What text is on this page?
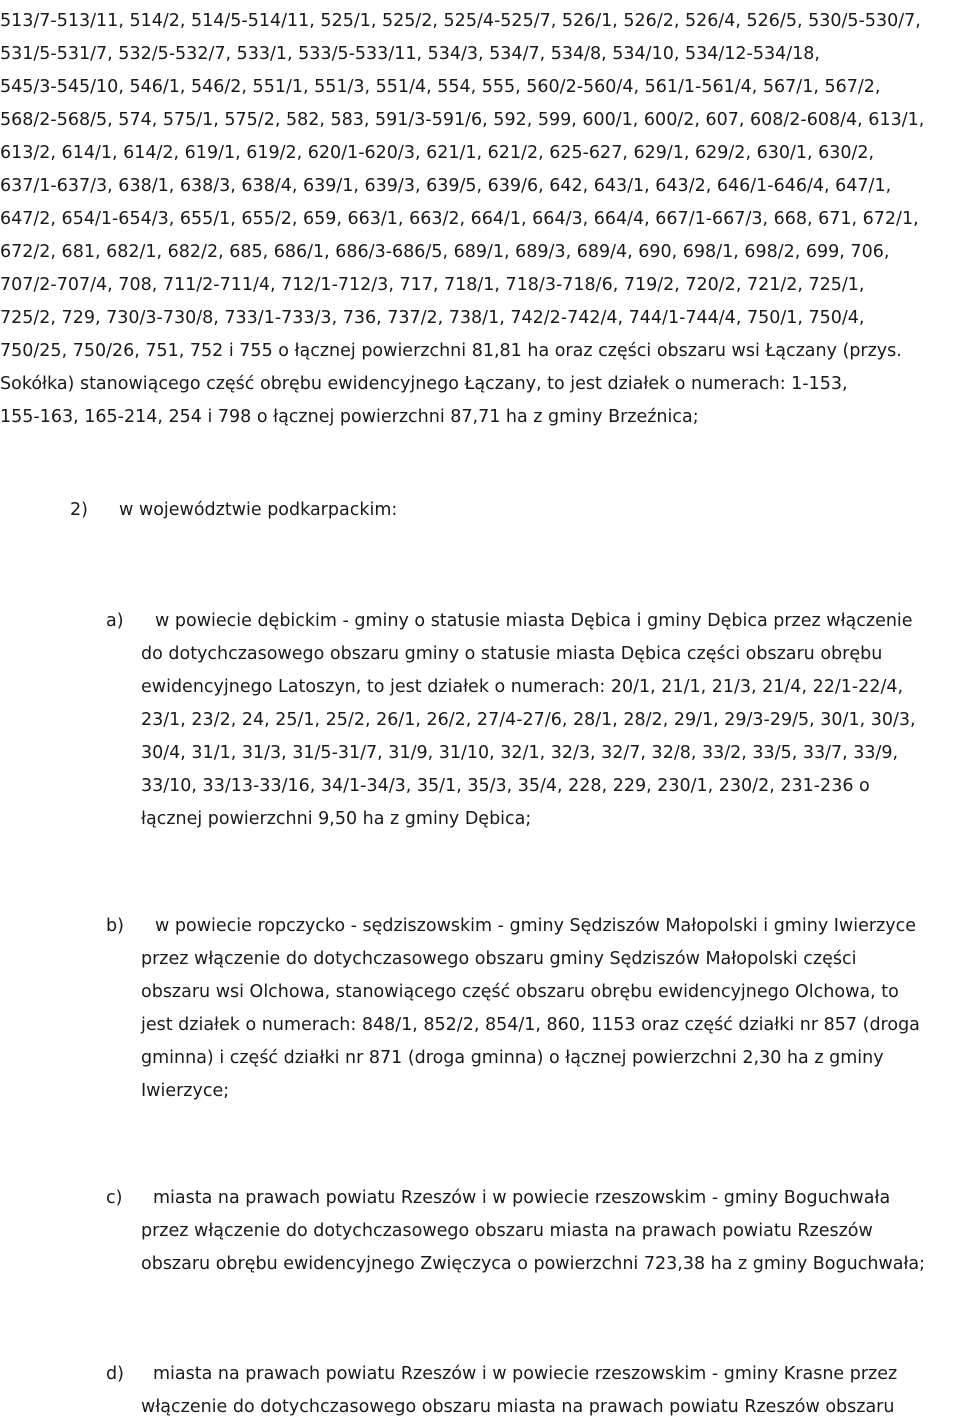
513/7-513/11, 514/2, 514/5-514/11, 525/1, 525/2, 525/4-525/7, 526/1, 526/2, 526/4, 526/5, 530/5-530/7,
531/5-531/7, 532/5-532/7, 533/1, 533/5-533/11, 534/3, 534/7, 534/8, 534/10, 534/12-534/18,
545/3-545/10, 546/1, 546/2, 551/1, 551/3, 551/4, 554, 555, 560/2-560/4, 561/1-561/4, 567/1, 567/2,
568/2-568/5, 574, 575/1, 575/2, 582, 583, 591/3-591/6, 592, 599, 600/1, 600/2, 607, 608/2-608/4, 613/1,
613/2, 614/1, 614/2, 619/1, 619/2, 620/1-620/3, 621/1, 621/2, 625-627, 629/1, 629/2, 630/1, 630/2,
637/1-637/3, 638/1, 638/3, 638/4, 639/1, 639/3, 639/5, 639/6, 642, 643/1, 643/2, 646/1-646/4, 647/1,
647/2, 654/1-654/3, 655/1, 655/2, 659, 663/1, 663/2, 664/1, 664/3, 664/4, 667/1-667/3, 668, 671, 672/1,
672/2, 681, 682/1, 682/2, 685, 686/1, 686/3-686/5, 689/1, 689/3, 689/4, 690, 698/1, 698/2, 699, 706,
707/2-707/4, 708, 711/2-711/4, 712/1-712/3, 717, 718/1, 718/3-718/6, 719/2, 720/2, 721/2, 725/1,
725/2, 729, 730/3-730/8, 733/1-733/3, 736, 737/2, 738/1, 742/2-742/4, 744/1-744/4, 750/1, 750/4,
750/25, 750/26, 751, 752 i 755 o łącznej powierzchni 81,81 ha oraz części obszaru wsi Łączany (przys.
Sokółka) stanowiącego część obrębu ewidencyjnego Łączany, to jest działek o numerach: 1-153,
155-163, 165-214, 254 i 798 o łącznej powierzchni 87,71 ha z gminy Brzeźnica;
2) w województwie podkarpackim:
a) w powiecie dębickim - gminy o statusie miasta Dębica i gminy Dębica przez włączenie
do dotychczasowego obszaru gminy o statusie miasta Dębica części obszaru obrębu
ewidencyjnego Latoszyn, to jest działek o numerach: 20/1, 21/1, 21/3, 21/4, 22/1-22/4,
23/1, 23/2, 24, 25/1, 25/2, 26/1, 26/2, 27/4-27/6, 28/1, 28/2, 29/1, 29/3-29/5, 30/1, 30/3,
30/4, 31/1, 31/3, 31/5-31/7, 31/9, 31/10, 32/1, 32/3, 32/7, 32/8, 33/2, 33/5, 33/7, 33/9,
33/10, 33/13-33/16, 34/1-34/3, 35/1, 35/3, 35/4, 228, 229, 230/1, 230/2, 231-236 o
łącznej powierzchni 9,50 ha z gminy Dębica;
b) w powiecie ropczycko - sędziszowskim - gminy Sędziszów Małopolski i gminy Iwierzyce
przez włączenie do dotychczasowego obszaru gminy Sędziszów Małopolski części
obszaru wsi Olchowa, stanowiącego część obszaru obrębu ewidencyjnego Olchowa, to
jest działek o numerach: 848/1, 852/2, 854/1, 860, 1153 oraz część działki nr 857 (droga
gminna) i część działki nr 871 (droga gminna) o łącznej powierzchni 2,30 ha z gminy
Iwierzyce;
c) miasta na prawach powiatu Rzeszów i w powiecie rzeszowskim - gminy Boguchwała
przez włączenie do dotychczasowego obszaru miasta na prawach powiatu Rzeszów
obszaru obrębu ewidencyjnego Zwięczyca o powierzchni 723,38 ha z gminy Boguchwała;
d) miasta na prawach powiatu Rzeszów i w powiecie rzeszowskim - gminy Krasne przez
włączenie do dotychczasowego obszaru miasta na prawach powiatu Rzeszów obszaru
